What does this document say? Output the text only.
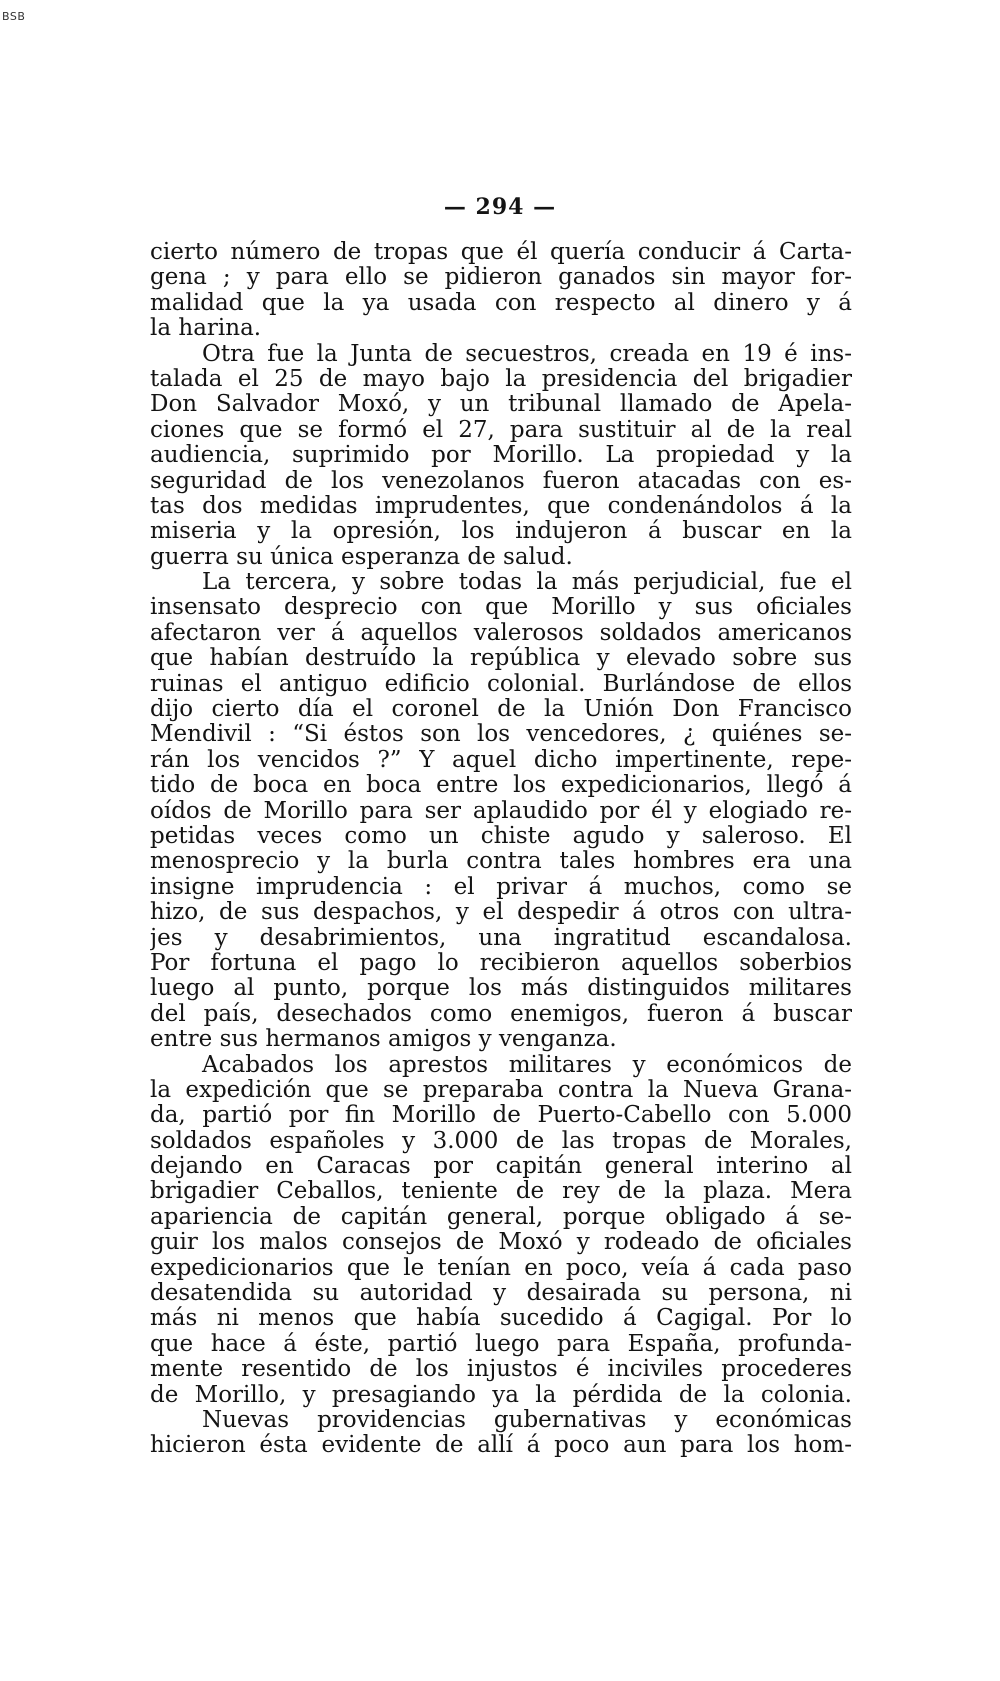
BSB
— 294 —
cierto número de tropas que él quería conducir á Carta-
gena ; y para ello se pidieron ganados sin mayor for-
malidad que la ya usada con respecto al dinero y á
la harina.
Otra fue la Junta de secuestros, creada en 19 é ins-
talada el 25 de mayo bajo la presidencia del brigadier
Don Salvador Moxó, y un tribunal llamado de Apela-
ciones que se formó el 27, para sustituir al de la real
audiencia, suprimido por Morillo. La propiedad y la
seguridad de los venezolanos fueron atacadas con es-
tas dos medidas imprudentes, que condenándolos á la
miseria y la opresión, los indujeron á buscar en la
guerra su única esperanza de salud.
La tercera, y sobre todas la más perjudicial, fue el
insensato desprecio con que Morillo y sus oficiales
afectaron ver á aquellos valerosos soldados americanos
que habían destruído la república y elevado sobre sus
ruinas el antiguo edificio colonial. Burlándose de ellos
dijo cierto día el coronel de la Unión Don Francisco
Mendivil : “Si éstos son los vencedores, ¿ quiénes se-
rán los vencidos ?” Y aquel dicho impertinente, repe-
tido de boca en boca entre los expedicionarios, llegó á
oídos de Morillo para ser aplaudido por él y elogiado re-
petidas veces como un chiste agudo y saleroso. El
menosprecio y la burla contra tales hombres era una
insigne imprudencia : el privar á muchos, como se
hizo, de sus despachos, y el despedir á otros con ultra-
jes y desabrimientos, una ingratitud escandalosa.
Por fortuna el pago lo recibieron aquellos soberbios
luego al punto, porque los más distinguidos militares
del país, desechados como enemigos, fueron á buscar
entre sus hermanos amigos y venganza.
Acabados los aprestos militares y económicos de
la expedición que se preparaba contra la Nueva Grana-
da, partió por fin Morillo de Puerto-Cabello con 5.000
soldados españoles y 3.000 de las tropas de Morales,
dejando en Caracas por capitán general interino al
brigadier Ceballos, teniente de rey de la plaza. Mera
apariencia de capitán general, porque obligado á se-
guir los malos consejos de Moxó y rodeado de oficiales
expedicionarios que le tenían en poco, veía á cada paso
desatendida su autoridad y desairada su persona, ni
más ni menos que había sucedido á Cagigal. Por lo
que hace á éste, partió luego para España, profunda-
mente resentido de los injustos é inciviles procederes
de Morillo, y presagiando ya la pérdida de la colonia.
Nuevas providencias gubernativas y económicas
hicieron ésta evidente de allí á poco aun para los hom-
